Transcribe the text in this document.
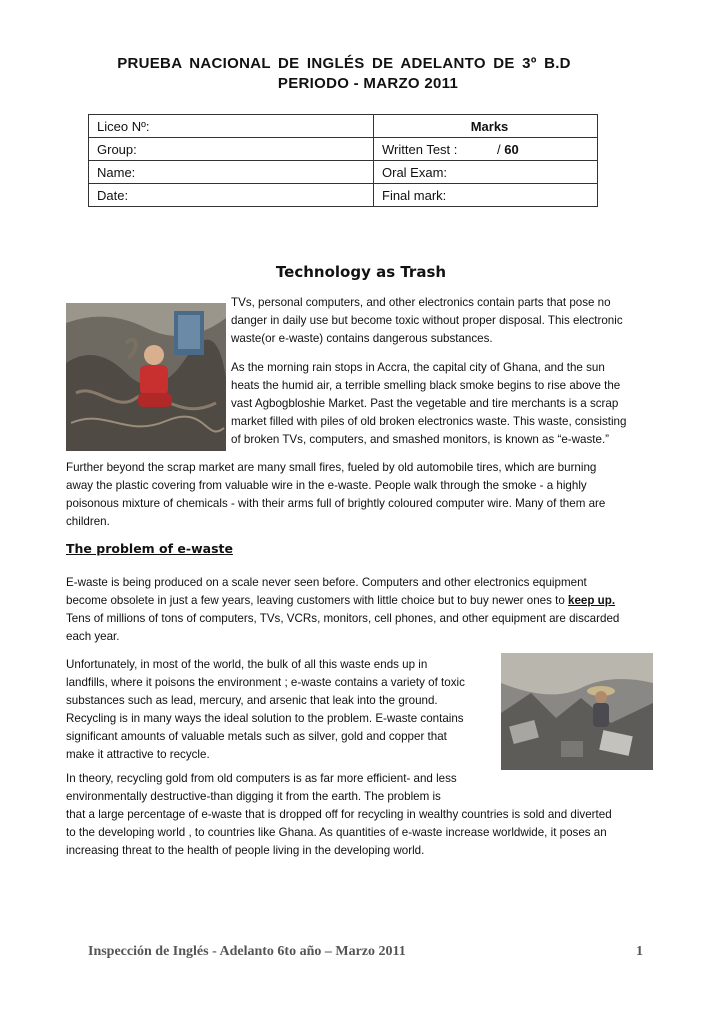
PRUEBA NACIONAL DE INGLÉS DE ADELANTO DE 3º B.D
PERIODO - MARZO 2011
Liceo Nº:	Marks
Group:	Written Test : / 60

Name:	Oral Exam:
Date:	Final mark:
Technology as Trash
TVs, personal computers, and other electronics contain parts that pose no
danger in daily use but become toxic without proper disposal. This electronic
waste(or e-waste) contains dangerous substances.
As the morning rain stops in Accra, the capital city of Ghana, and the sun
heats the humid air, a terrible smelling black smoke begins to rise above the
vast Agbogbloshie Market. Past the vegetable and tire merchants is a scrap
market filled with piles of old broken electronics waste. This waste, consisting
of broken TVs, computers, and smashed monitors, is known as “e-waste.”
Further beyond the scrap market are many small fires, fueled by old automobile tires, which are burning
away the plastic covering from valuable wire in the e-waste. People walk through the smoke - a highly
poisonous mixture of chemicals - with their arms full of brightly coloured computer wire. Many of them are
children.
The problem of e-waste
E-waste is being produced on a scale never seen before. Computers and other electronics equipment
become obsolete in just a few years, leaving customers with little choice but to buy newer ones to keep up.
Tens of millions of tons of computers, TVs, VCRs, monitors, cell phones, and other equipment are discarded
each year.
Unfortunately, in most of the world, the bulk of all this waste ends up in
landfills, where it poisons the environment ; e-waste contains a variety of toxic
substances such as lead, mercury, and arsenic that leak into the ground.
Recycling is in many ways the ideal solution to the problem. E-waste contains
significant amounts of valuable metals such as silver, gold and copper that
make it attractive to recycle.
In theory, recycling gold from old computers is as far more efficient- and less
environmentally destructive-than digging it from the earth. The problem is
that a large percentage of e-waste that is dropped off for recycling in wealthy countries is sold and diverted
to the developing world , to countries like Ghana. As quantities of e-waste increase worldwide, it poses an
increasing threat to the health of people living in the developing world.
Inspección de Inglés - Adelanto 6to año – Marzo 2011	1
